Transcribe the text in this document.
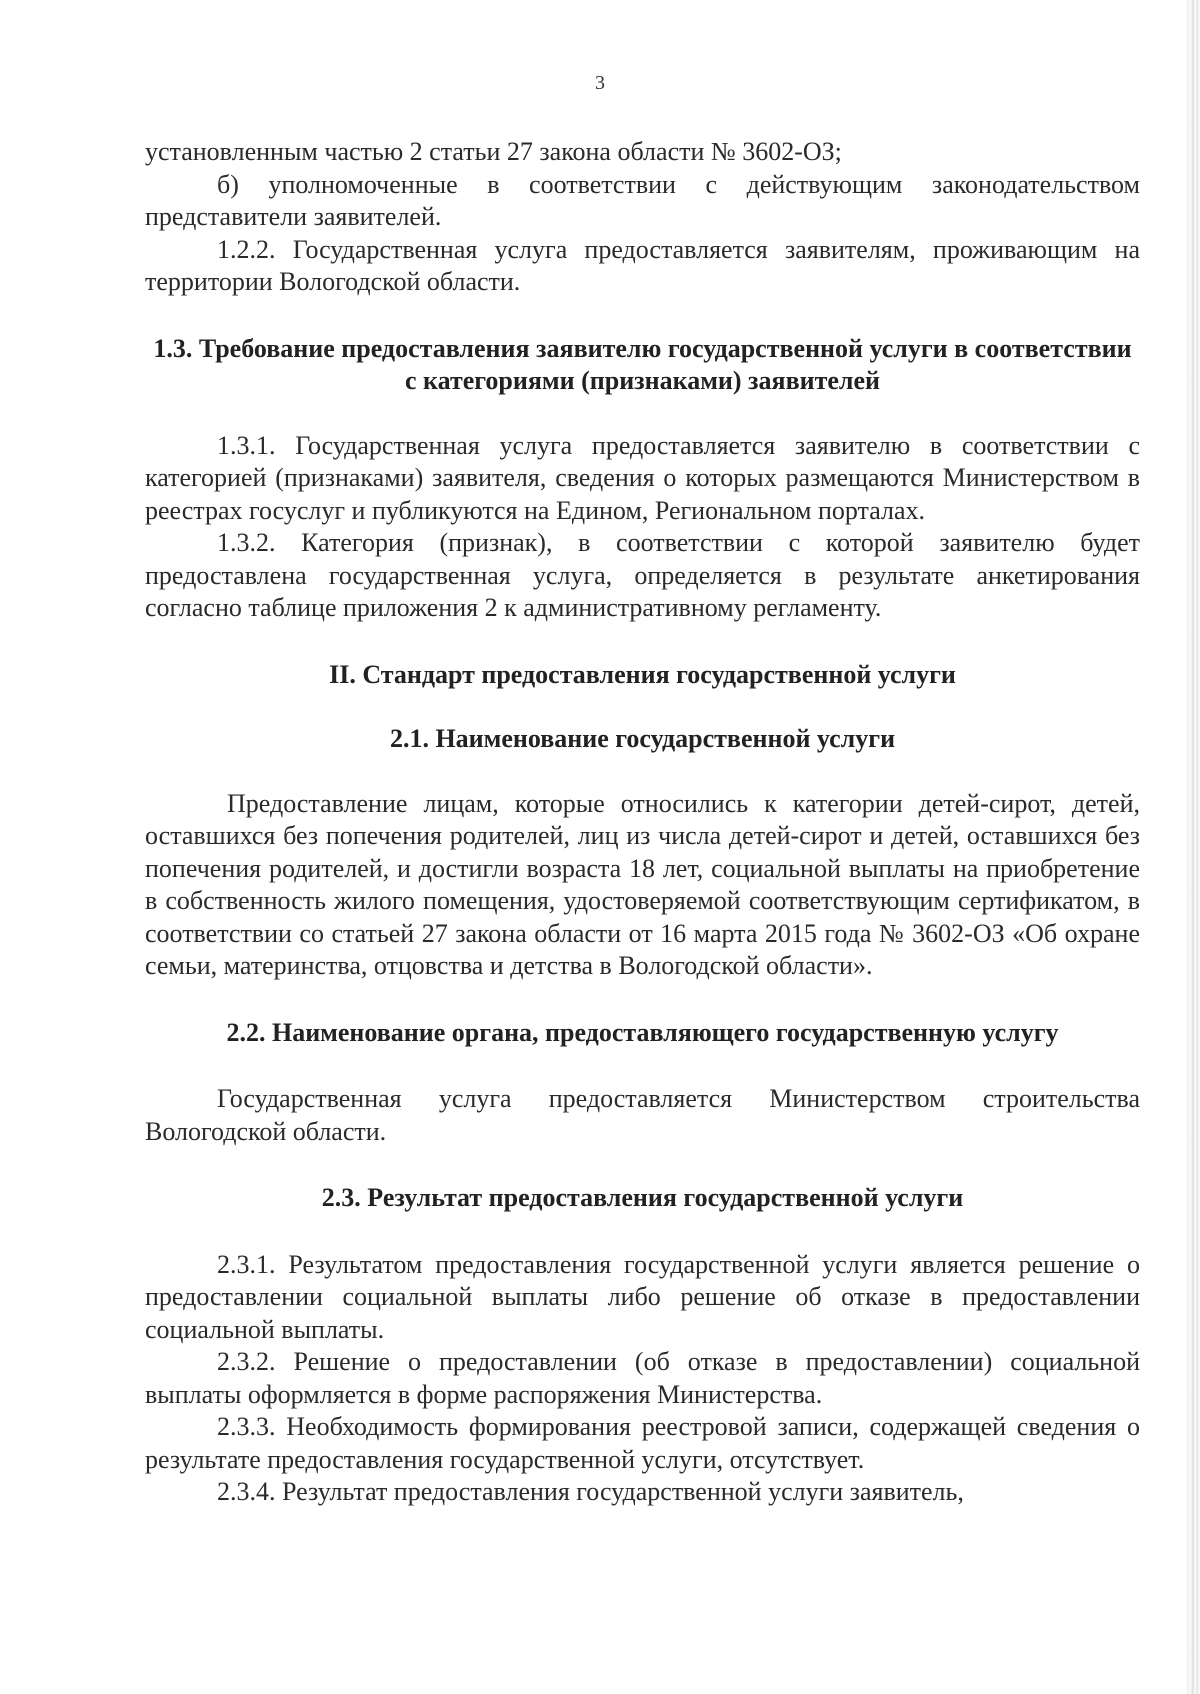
3

установленным частью 2 статьи 27 закона области № 3602-ОЗ;

б) уполномоченные в соответствии с действующим законодательством представители заявителей.

1.2.2. Государственная услуга предоставляется заявителям, проживающим на территории Вологодской области.

1.3. Требование предоставления заявителю государственной услуги в соответствии с категориями (признаками) заявителей

1.3.1. Государственная услуга предоставляется заявителю в соответствии с категорией (признаками) заявителя, сведения о которых размещаются Министерством в реестрах госуслуг и публикуются на Едином, Региональном порталах.

1.3.2. Категория (признак), в соответствии с которой заявителю будет предоставлена государственная услуга, определяется в результате анкетирования согласно таблице приложения 2 к административному регламенту.

II. Стандарт предоставления государственной услуги
2.1. Наименование государственной услуги

Предоставление лицам, которые относились к категории детей-сирот, детей, оставшихся без попечения родителей, лиц из числа детей-сирот и детей, оставшихся без попечения родителей, и достигли возраста 18 лет, социальной выплаты на приобретение в собственность жилого помещения, удостоверяемой соответствующим сертификатом, в соответствии со статьей 27 закона области от 16 марта 2015 года № 3602-ОЗ «Об охране семьи, материнства, отцовства и детства в Вологодской области».

2.2. Наименование органа, предоставляющего государственную услугу

Государственная услуга предоставляется Министерством строительства Вологодской области.

2.3. Результат предоставления государственной услуги

2.3.1. Результатом предоставления государственной услуги является решение о предоставлении социальной выплаты либо решение об отказе в предоставлении социальной выплаты.

2.3.2. Решение о предоставлении (об отказе в предоставлении) социальной выплаты оформляется в форме распоряжения Министерства.

2.3.3. Необходимость формирования реестровой записи, содержащей сведения о результате предоставления государственной услуги, отсутствует.

2.3.4. Результат предоставления государственной услуги заявитель,
